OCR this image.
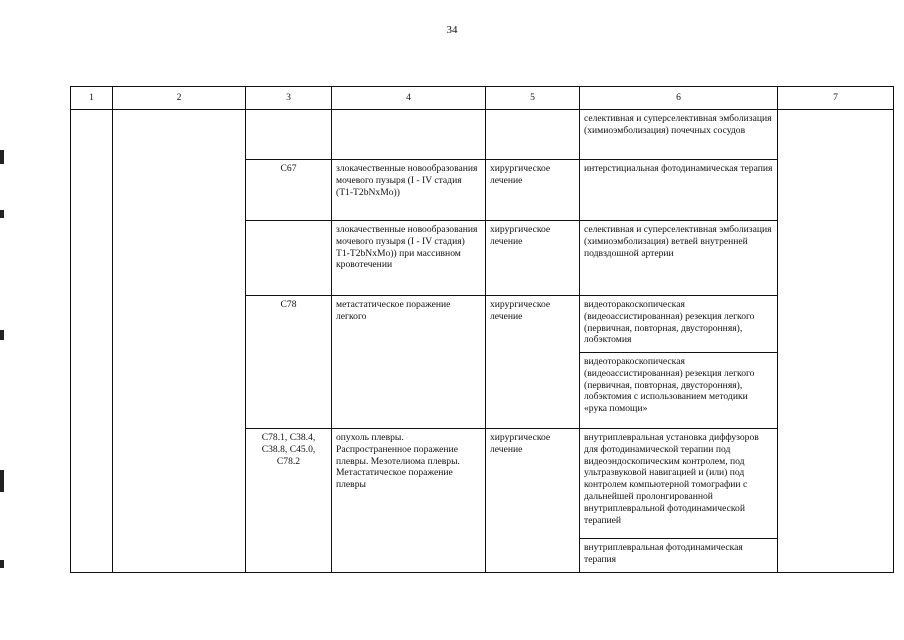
34
1	2	3	4	5	6	7
					селективная и суперселективная эмболизация (химиоэмболизация) почечных сосудов	
		C67	злокачественные новообразования мочевого пузыря (I - IV стадия (T1-T2bNxMo))	хирургическое лечение	интерстициальная фотодинамическая терапия	
			злокачественные новообразования мочевого пузыря (I - IV стадия) T1-T2bNxMo)) при массивном кровотечении	хирургическое лечение	селективная и суперселективная эмболизация (химиоэмболизация) ветвей внутренней подвздошной артерии	
		C78	метастатическое поражение легкого	хирургическое лечение	видеоторакоскопическая (видеоассистированная) резекция легкого (первичная, повторная, двусторонняя), лобэктомия	
					видеоторакоскопическая (видеоассистированная) резекция легкого (первичная, повторная, двусторонняя), лобэктомия с использованием методики «рука помощи»	
		C78.1, C38.4, C38.8, C45.0, C78.2	опухоль плевры. Распространенное поражение плевры. Мезотелиома плевры. Метастатическое поражение плевры	хирургическое лечение	внутриплевральная установка диффузоров для фотодинамической терапии под видеоэндоскопическим контролем, под ультразвуковой навигацией и (или) под контролем компьютерной томографии с дальнейшей пролонгированной внутриплевральной фотодинамической терапией	
					внутриплевральная фотодинамическая терапия	
